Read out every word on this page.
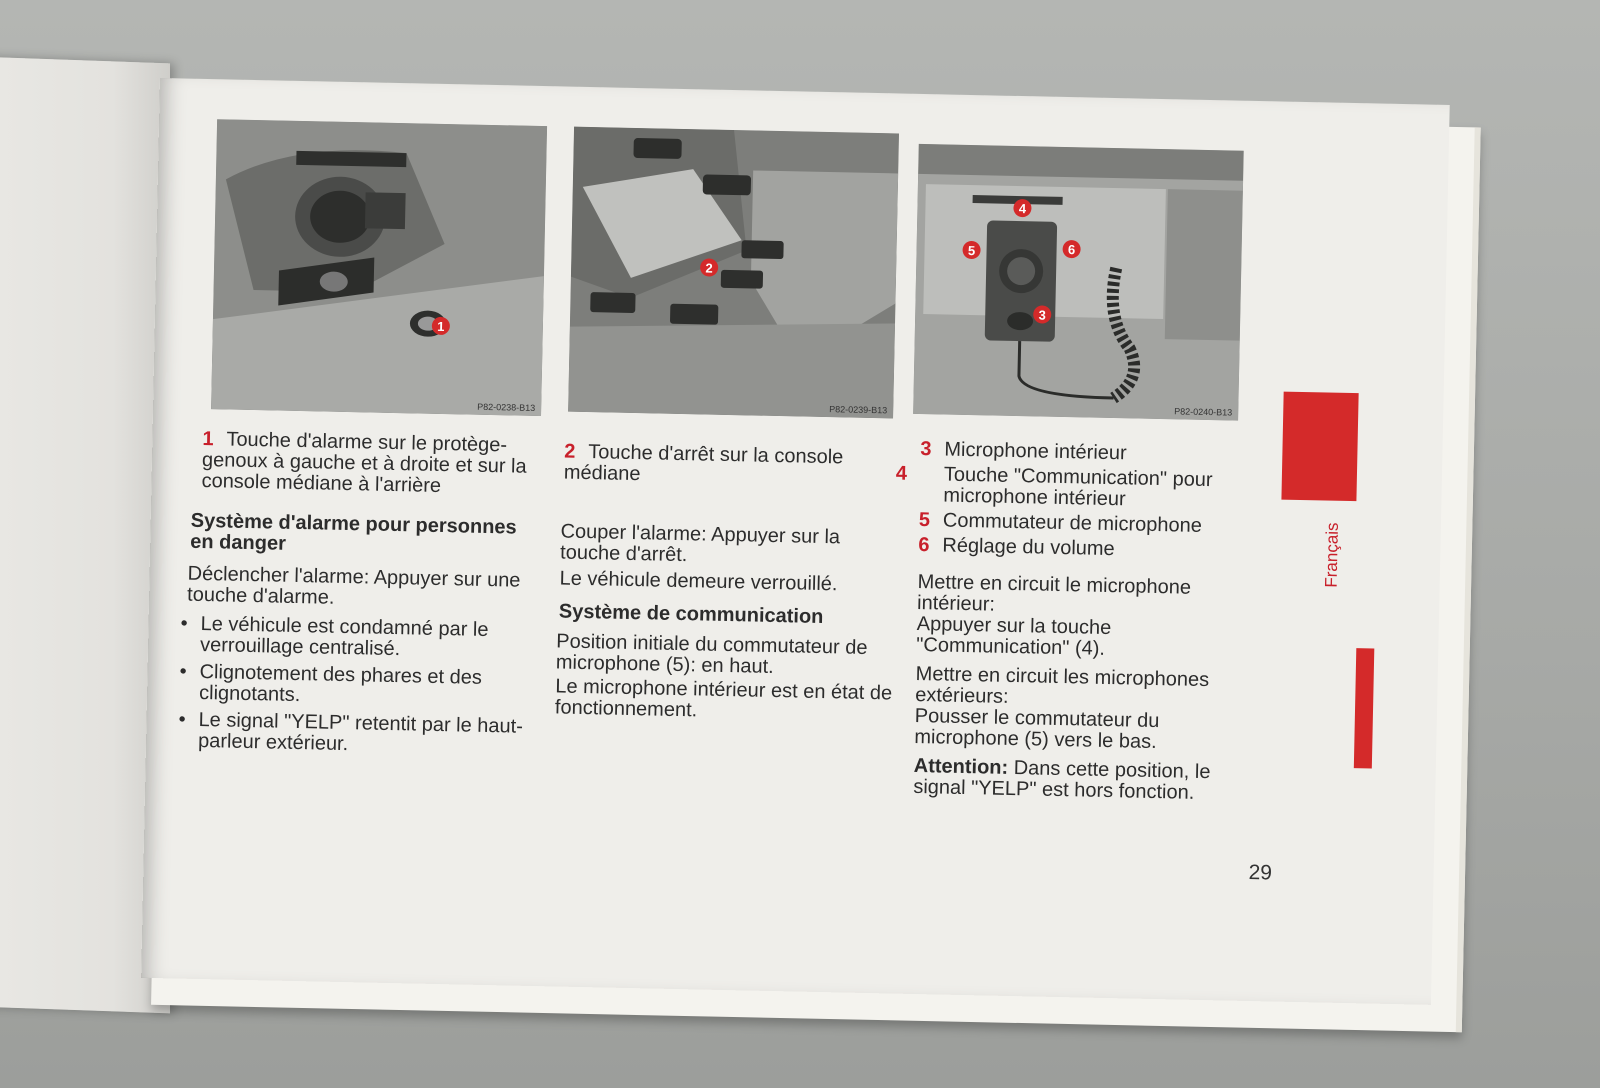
1
P82-0238-B13
2
P82-0239-B13
4
5	6
3
P82-0240-B13
1 Touche d'alarme sur le protège-genoux à gauche et à droite et sur la console médiane à l'arrière
Système d'alarme pour personnes en danger
Déclencher l'alarme: Appuyer sur une touche d'alarme.
• Le véhicule est condamné par le verrouillage centralisé.
• Clignotement des phares et des clignotants.
• Le signal "YELP" retentit par le haut-parleur extérieur.
2 Touche d'arrêt sur la console médiane
Couper l'alarme: Appuyer sur la touche d'arrêt.
Le véhicule demeure verrouillé.
Système de communication
Position initiale du commutateur de microphone (5): en haut.
Le microphone intérieur est en état de fonctionnement.
3 Microphone intérieur
4 Touche "Communication" pour microphone intérieur
5 Commutateur de microphone
6 Réglage du volume
Mettre en circuit le microphone intérieur:
Appuyer sur la touche "Communication" (4).
Mettre en circuit les microphones extérieurs:
Pousser le commutateur du microphone (5) vers le bas.
Attention: Dans cette position, le signal "YELP" est hors fonction.
Français
29
